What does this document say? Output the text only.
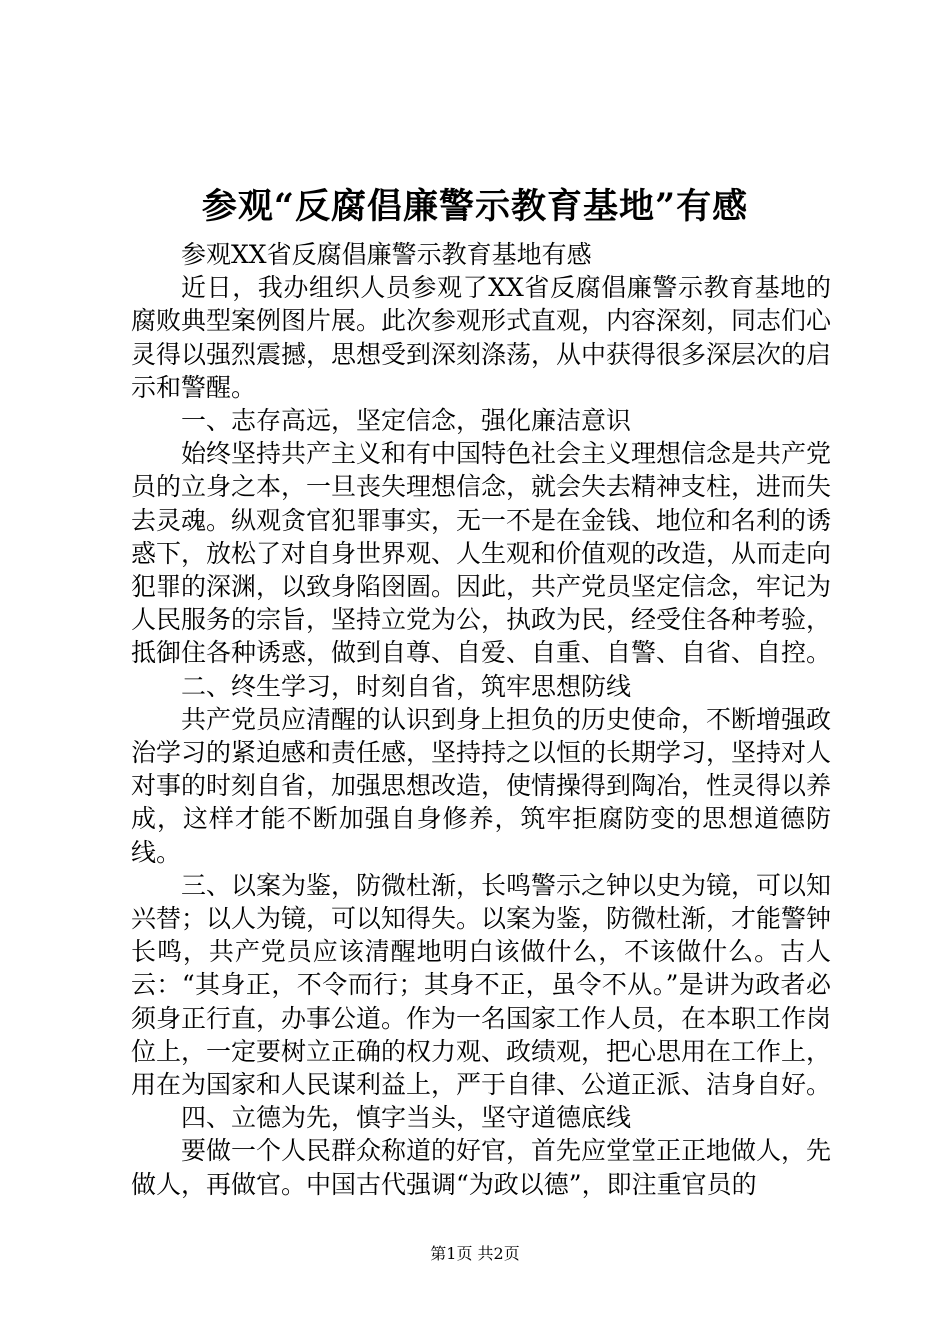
参观“反腐倡廉警示教育基地”有感

参观XX省反腐倡廉警示教育基地有感

近日，我办组织人员参观了XX省反腐倡廉警示教育基地的腐败典型案例图片展。此次参观形式直观，内容深刻，同志们心灵得以强烈震撼，思想受到深刻涤荡，从中获得很多深层次的启示和警醒。

一、志存高远，坚定信念，强化廉洁意识

始终坚持共产主义和有中国特色社会主义理想信念是共产党员的立身之本，一旦丧失理想信念，就会失去精神支柱，进而失去灵魂。纵观贪官犯罪事实，无一不是在金钱、地位和名利的诱惑下，放松了对自身世界观、人生观和价值观的改造，从而走向犯罪的深渊，以致身陷囹圄。因此，共产党员坚定信念，牢记为人民服务的宗旨，坚持立党为公，执政为民，经受住各种考验，抵御住各种诱惑，做到自尊、自爱、自重、自警、自省、自控。

二、终生学习，时刻自省，筑牢思想防线

共产党员应清醒的认识到身上担负的历史使命，不断增强政治学习的紧迫感和责任感，坚持持之以恒的长期学习，坚持对人对事的时刻自省，加强思想改造，使情操得到陶冶，性灵得以养成，这样才能不断加强自身修养，筑牢拒腐防变的思想道德防线。

三、以案为鉴，防微杜渐，长鸣警示之钟以史为镜，可以知兴替；以人为镜，可以知得失。以案为鉴，防微杜渐，才能警钟长鸣，共产党员应该清醒地明白该做什么，不该做什么。古人云：“其身正，不令而行；其身不正，虽令不从。”是讲为政者必须身正行直，办事公道。作为一名国家工作人员，在本职工作岗位上，一定要树立正确的权力观、政绩观，把心思用在工作上，用在为国家和人民谋利益上，严于自律、公道正派、洁身自好。

四、立德为先，慎字当头，坚守道德底线

要做一个人民群众称道的好官，首先应堂堂正正地做人，先做人，再做官。中国古代强调“为政以德”，即注重官员的

第1页 共2页
